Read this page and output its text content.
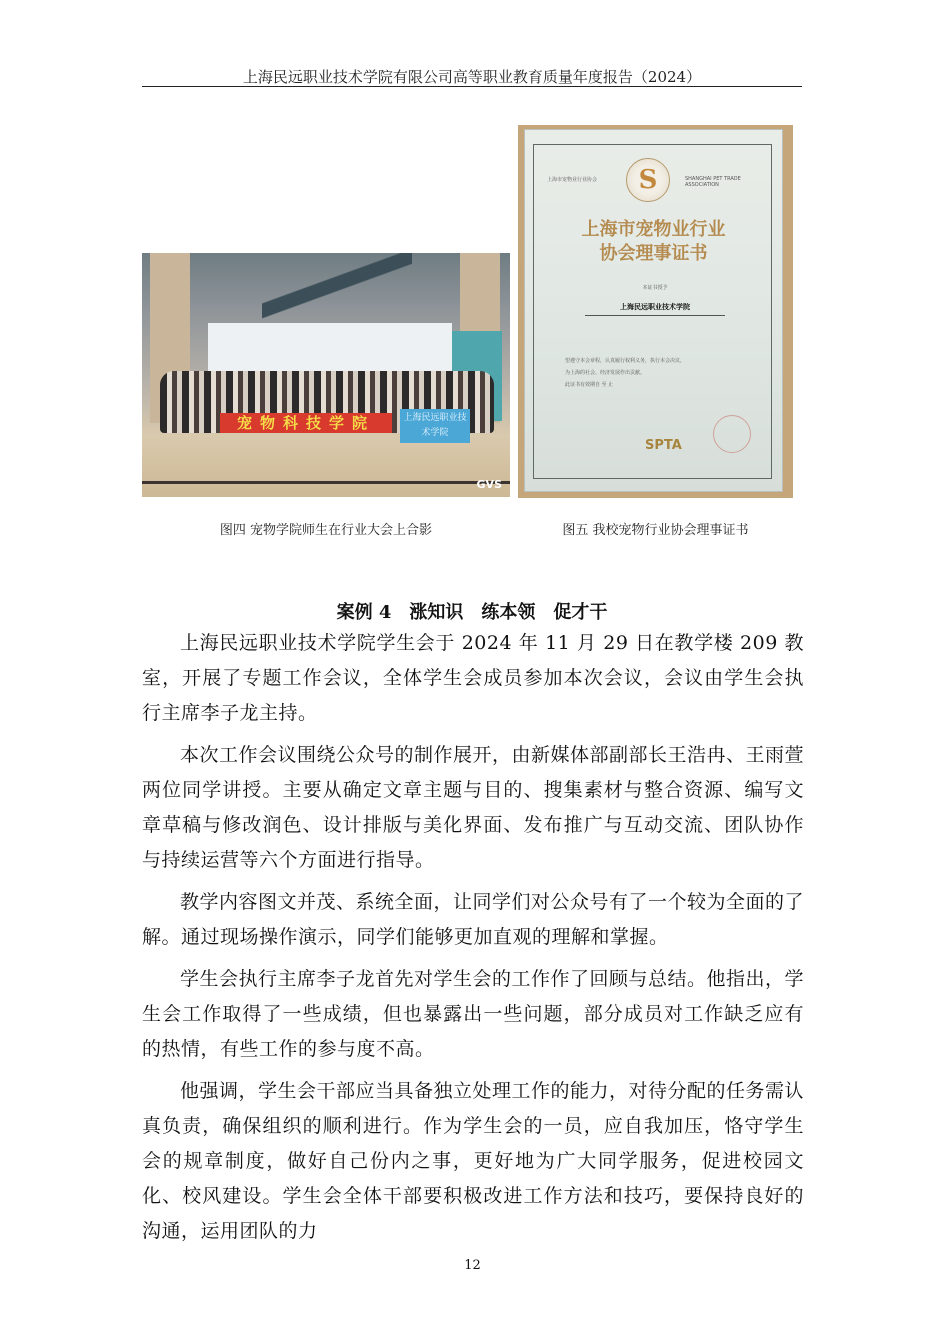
上海民远职业技术学院有限公司高等职业教育质量年度报告（2024）
宠物科技学院	上海民远职业技术学院
GVS
上海市宠物业行业协会	S	SHANGHAI PET TRADE ASSOCIATION
上海市宠物业行业
协会理事证书
本证书授予
上海民远职业技术学院
望遵守本会章程，认真履行权利义务，执行本会决议，
为上海的社会、经济发展作出贡献。
此证书有效期自 至 止
SPTA
图四 宠物学院师生在行业大会上合影	图五 我校宠物行业协会理事证书
案例 4 涨知识 练本领 促才干

上海民远职业技术学院学生会于 2024 年 11 月 29 日在教学楼 209 教室，开展了专题工作会议，全体学生会成员参加本次会议，会议由学生会执行主席李子龙主持。

本次工作会议围绕公众号的制作展开，由新媒体部副部长王浩冉、王雨萱两位同学讲授。主要从确定文章主题与目的、搜集素材与整合资源、编写文章草稿与修改润色、设计排版与美化界面、发布推广与互动交流、团队协作与持续运营等六个方面进行指导。

教学内容图文并茂、系统全面，让同学们对公众号有了一个较为全面的了解。通过现场操作演示，同学们能够更加直观的理解和掌握。

学生会执行主席李子龙首先对学生会的工作作了回顾与总结。他指出，学生会工作取得了一些成绩，但也暴露出一些问题，部分成员对工作缺乏应有的热情，有些工作的参与度不高。

他强调，学生会干部应当具备独立处理工作的能力，对待分配的任务需认真负责，确保组织的顺利进行。作为学生会的一员，应自我加压，恪守学生会的规章制度，做好自己份内之事，更好地为广大同学服务，促进校园文化、校风建设。学生会全体干部要积极改进工作方法和技巧，要保持良好的沟通，运用团队的力

12
